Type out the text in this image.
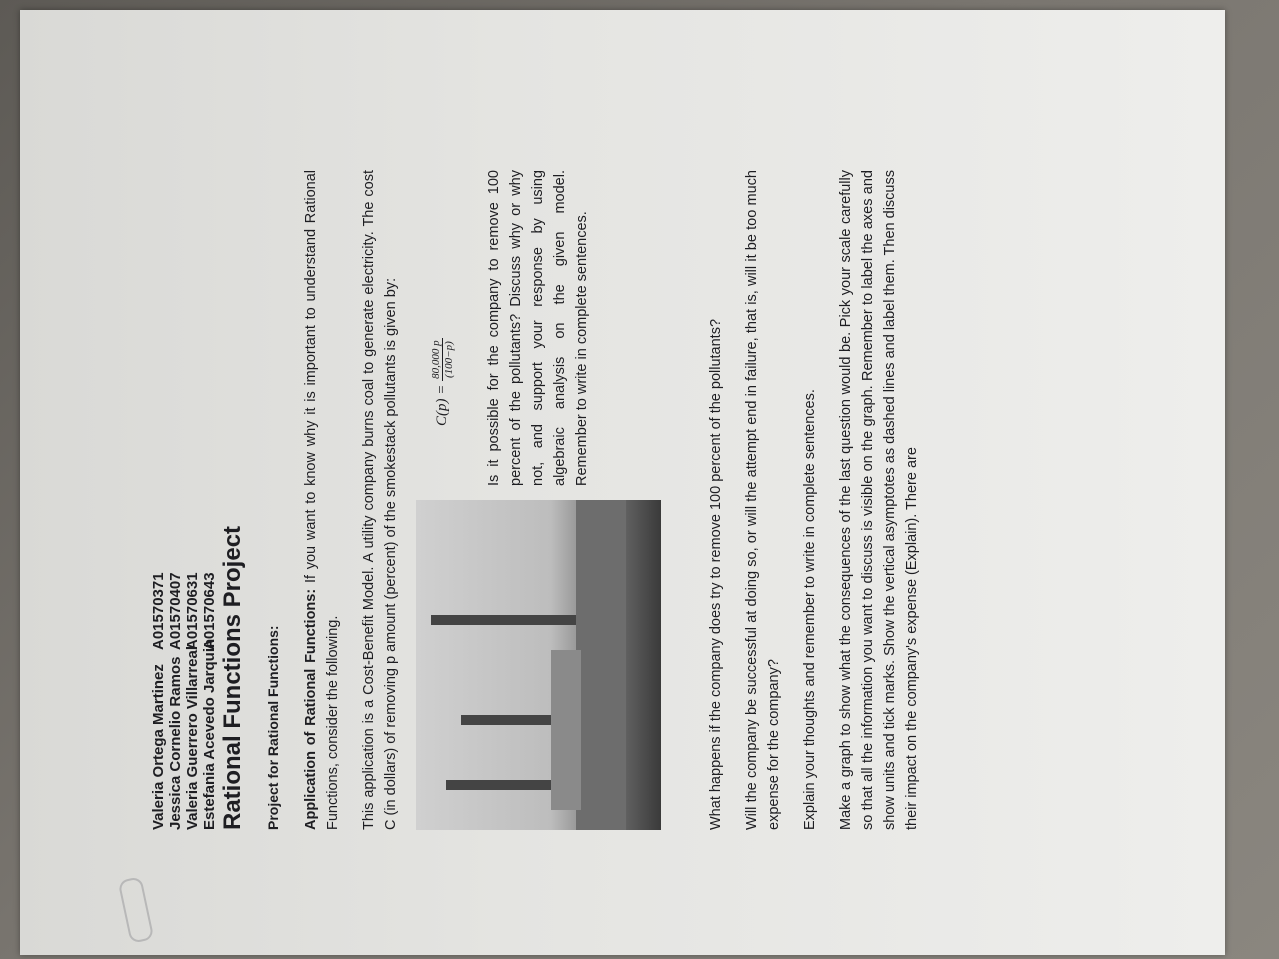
Valeria Ortega Martinez
A01570371
Jessica Cornelio Ramos
A01570407
Valeria Guerrero Villarreal
A01570631
Estefania Acevedo Jarquin
A01570643 Rational Functions Project Project for Rational Functions: Application of Rational Functions: If you want to know why it is important to understand Rational Functions, consider the following. This application is a Cost-Benefit Model. A utility company burns coal to generate electricity. The cost C (in dollars) of removing p amount (percent) of the smokestack pollutants is given by: C(p) =
80,000 p (100−p) Is it possible for the company to remove 100 percent of the pollutants? Discuss why or why not, and support your response by using algebraic analysis on the given model. Remember to write in complete sentences.	What happens if the company does try to remove 100 percent of the pollutants? Will the company be successful at doing so, or will the attempt end in failure, that is, will it be too much expense for the company? Explain your thoughts and remember to write in complete sentences. Make a graph to show what the consequences of the last question would be. Pick your scale carefully so that all the information you want to discuss is visible on the graph. Remember to label the axes and show units and tick marks. Show the vertical asymptotes as dashed lines and label them. Then discuss their impact on the company's expense (Explain). There are
